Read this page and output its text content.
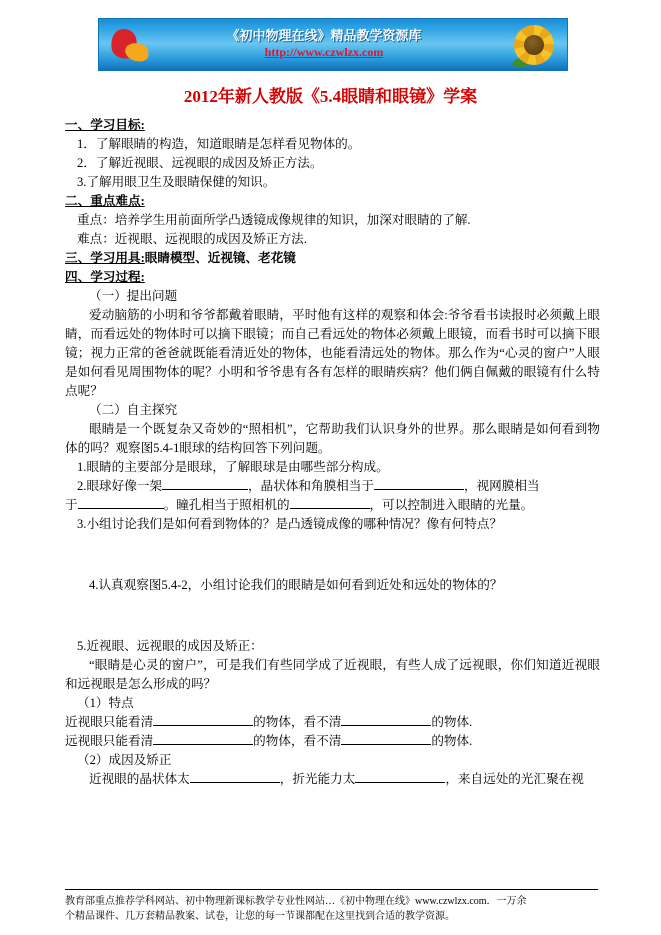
《初中物理在线》精品教学资源库
http://www.czwlzx.com
2012年新人教版《5.4眼睛和眼镜》学案

一、学习目标:

1．了解眼睛的构造，知道眼睛是怎样看见物体的。

2．了解近视眼、远视眼的成因及矫正方法。

3.了解用眼卫生及眼睛保健的知识。

二、重点难点:

重点：培养学生用前面所学凸透镜成像规律的知识，加深对眼睛的了解.

难点：近视眼、远视眼的成因及矫正方法.

三、学习用具:眼睛模型、近视镜、老花镜

四、学习过程:

（一）提出问题

爱动脑筋的小明和爷爷都戴着眼睛，平时他有这样的观察和体会:爷爷看书读报时必须戴上眼睛，而看远处的物体时可以摘下眼镜；而自己看远处的物体必须戴上眼镜，而看书时可以摘下眼镜；视力正常的爸爸就既能看清近处的物体，也能看清远处的物体。那么作为“心灵的窗户”人眼是如何看见周围物体的呢？小明和爷爷患有各有怎样的眼睛疾病？他们俩自佩戴的眼镜有什么特点呢？

（二）自主探究

眼睛是一个既复杂又奇妙的“照相机”，它帮助我们认识身外的世界。那么眼睛是如何看到物体的吗？观察图5.4-1眼球的结构回答下列问题。

1.眼睛的主要部分是眼球，了解眼球是由哪些部分构成。

2.眼球好像一架	，晶状体和角膜相当于	，视网膜相当

于	。瞳孔相当于照相机的	，可以控制进入眼睛的光量。

3.小组讨论我们是如何看到物体的？是凸透镜成像的哪种情况？像有何特点？

4.认真观察图5.4-2，小组讨论我们的眼睛是如何看到近处和远处的物体的？

5.近视眼、远视眼的成因及矫正：

“眼睛是心灵的窗户”，可是我们有些同学成了近视眼，有些人成了远视眼，你们知道近视眼和远视眼是怎么形成的吗？

（1）特点

近视眼只能看清	的物体，看不清	的物体.

远视眼只能看清	的物体，看不清	的物体.

（2）成因及矫正

近视眼的晶状体太	，折光能力太	，来自远处的光汇聚在视

教育部重点推荐学科网站、初中物理新课标教学专业性网站…《初中物理在线》www.czwlzx.com．一万余

个精品课件、几万套精品教案、试卷，让您的每一节课都配在这里找到合适的教学资源。
